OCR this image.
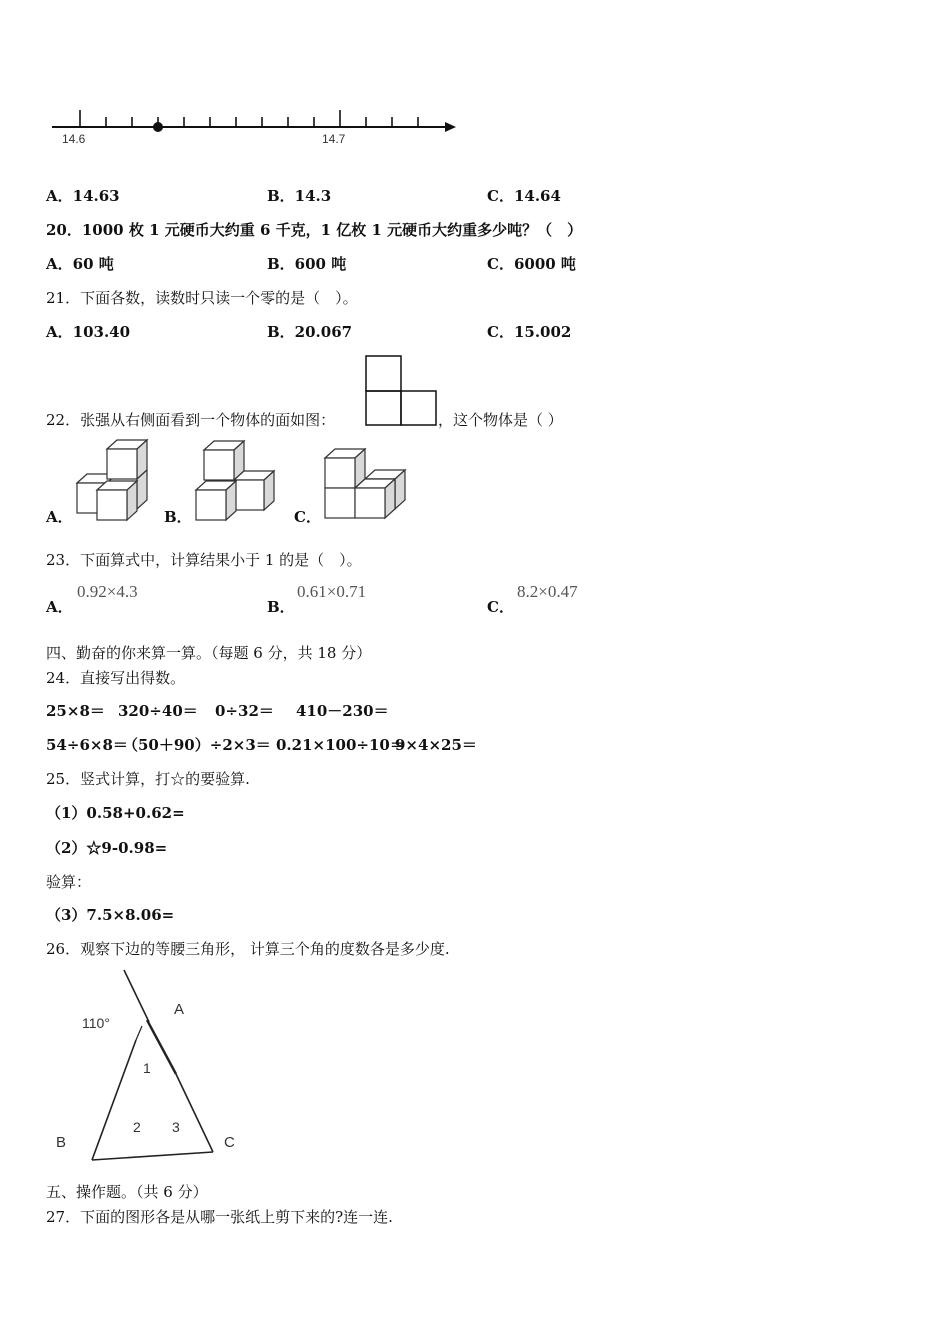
14.6	14.7
A．14.63	B．14.3	C．14.64
20．1000 枚 1 元硬币大约重 6 千克，1 亿枚 1 元硬币大约重多少吨？（　）
A．60 吨	B．600 吨	C．6000 吨
21．下面各数，读数时只读一个零的是（　）。
A．103.40	B．20.067	C．15.002
22．张强从右侧面看到一个物体的面如图：	，这个物体是（ ）
A．	B．	C．
23．下面算式中，计算结果小于 1 的是（　）。
A．
0.92×4.3
B．
0.61×0.71
C．
8.2×0.47
四、勤奋的你来算一算。（每题 6 分，共 18 分）
24．直接写出得数。
25×8＝ 320÷40＝ 0÷32＝ 410－230＝
54÷6×8＝
（50＋90）÷2×3＝ 0.21×100÷10＝
9×4×25＝
25．竖式计算，打☆的要验算.
（1）0.58+0.62=
（2）☆9-0.98=
验算：
（3）7.5×8.06=
26．观察下边的等腰三角形， 计算三个角的度数各是多少度.
110°
A
B	C
1
2 3
五、操作题。（共 6 分）
27．下面的图形各是从哪一张纸上剪下来的?连一连.
